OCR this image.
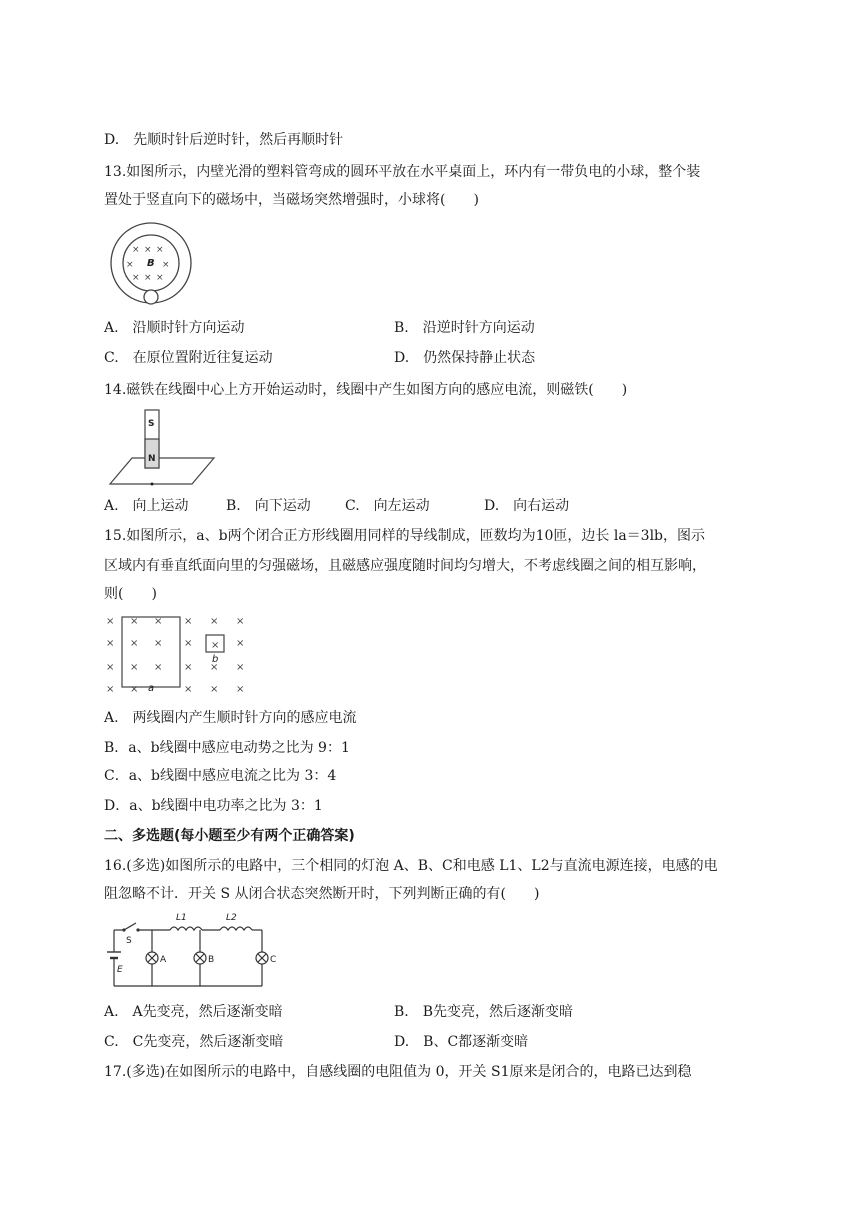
D.　先顺时针后逆时针，然后再顺时针
13.如图所示，内壁光滑的塑料管弯成的圆环平放在水平桌面上，环内有一带负电的小球，整个装
置处于竖直向下的磁场中，当磁场突然增强时，小球将(　　)
× × ×
×	×
× × ×
B
A.　沿顺时针方向运动	B.　沿逆时针方向运动
C.　在原位置附近往复运动	D.　仍然保持静止状态
14.磁铁在线圈中心上方开始运动时，线圈中产生如图方向的感应电流，则磁铁(　　)
S
N
A.　向上运动	B.　向下运动 C.　向左运动	D.　向右运动
15.如图所示，a、b两个闭合正方形线圈用同样的导线制成，匝数均为10匝，边长 la＝3lb，图示
区域内有垂直纸面向里的匀强磁场，且磁感应强度随时间均匀增大，不考虑线圈之间的相互影响，
则(　　)
× × × × × ×
× × × ×	×
× × × × × ×
× ×	× × ×
×
a
b
A.　两线圈内产生顺时针方向的感应电流
B．a、b线圈中感应电动势之比为 9：1
C．a、b线圈中感应电流之比为 3：4
D．a、b线圈中电功率之比为 3：1
二、多选题(每小题至少有两个正确答案)
16.(多选)如图所示的电路中，三个相同的灯泡 A、B、C和电感 L1、L2与直流电源连接，电感的电
阻忽略不计．开关 S 从闭合状态突然断开时，下列判断正确的有(　　)
S
E
L1	L2
A	B	C
A.　A先变亮，然后逐渐变暗	B.　B先变亮，然后逐渐变暗
C.　C先变亮，然后逐渐变暗	D.　B、C都逐渐变暗
17.(多选)在如图所示的电路中，自感线圈的电阻值为 0，开关 S1原来是闭合的，电路已达到稳
